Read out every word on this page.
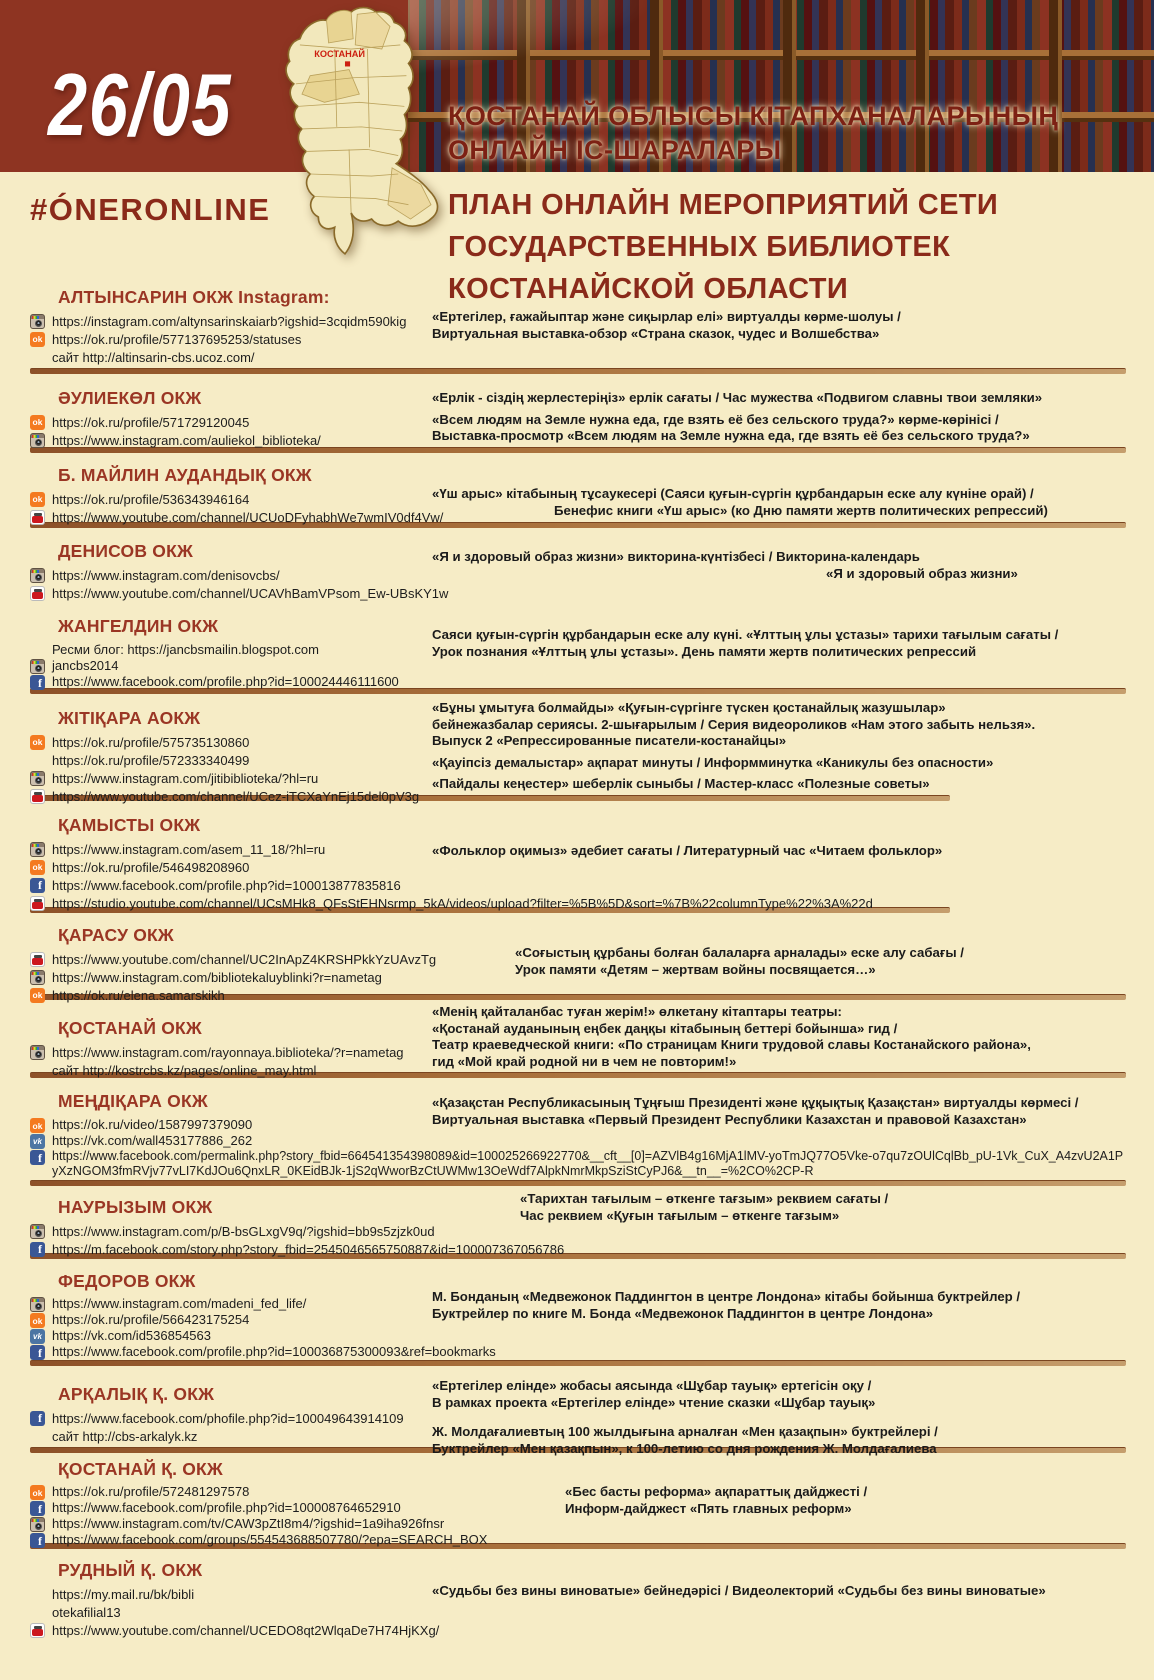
26/05	ҚОСТАНАЙ ОБЛЫСЫ КІТАПХАНАЛАРЫНЫҢ
ОНЛАЙН ІС-ШАРАЛАРЫ
#ÓNERONLINE	ПЛАН ОНЛАЙН МЕРОПРИЯТИЙ СЕТИ
ГОСУДАРСТВЕННЫХ БИБЛИОТЕК
КОСТАНАЙСКОЙ ОБЛАСТИ
КОСТАНАЙ
АЛТЫНСАРИН ОКЖ Instagram:
https://instagram.com/altynsarinskaiarb?igshid=3cqidm590kig
ok https://ok.ru/profile/577137695253/statuses
сайт http://altinsarin-cbs.ucoz.com/
«Ертегілер, ғажайыптар және сиқырлар елі» виртуалды көрме-шолуы /
Виртуальная выставка-обзор «Страна сказок, чудес и Волшебства»
ӘУЛИЕКӨЛ ОКЖ
ok https://ok.ru/profile/571729120045
https://www.instagram.com/auliekol_biblioteka/
«Ерлік - сіздің жерлестеріңіз» ерлік сағаты / Час мужества «Подвигом славны твои земляки»
«Всем людям на Земле нужна еда, где взять её без сельского труда?» көрме-көрінісі /
Выставка-просмотр «Всем людям на Земле нужна еда, где взять её без сельского труда?»
Б. МАЙЛИН АУДАНДЫҚ ОКЖ
ok https://ok.ru/profile/536343946164
https://www.youtube.com/channel/UCUoDFyhabhWe7wmIV0df4Vw/
«Үш арыс» кітабының тұсаукесері (Саяси қуғын-сүргін құрбандарын еске алу күніне орай) /
Бенефис книги «Үш арыс» (ко Дню памяти жертв политических репрессий)
ДЕНИСОВ ОКЖ
https://www.instagram.com/denisovcbs/
https://www.youtube.com/channel/UCAVhBamVPsom_Ew-UBsKY1w
«Я и здоровый образ жизни» викторина-күнтізбесі / Викторина-календарь
«Я и здоровый образ жизни»
ЖАНГЕЛДИН ОКЖ
Ресми блог: https://jancbsmailin.blogspot.com
jancbs2014
f https://www.facebook.com/profile.php?id=100024446111600
Саяси қуғын-сүргін құрбандарын еске алу күні. «Ұлттың ұлы ұстазы» тарихи тағылым сағаты /
Урок познания «Ұлттың ұлы ұстазы». День памяти жертв политических репрессий
ЖІТІҚАРА АОКЖ
ok https://ok.ru/profile/575735130860
https://ok.ru/profile/572333340499
https://www.instagram.com/jitibiblioteka/?hl=ru
https://www.youtube.com/channel/UCez-iTCXaYnEj15del0pV3g
«Бұны ұмытуға болмайды» «Қуғын-сүргінге түскен қостанайлық жазушылар»
бейнежазбалар сериясы. 2-шығарылым / Серия видеороликов «Нам этого забыть нельзя».
Выпуск 2 «Репрессированные писатели-костанайцы»
«Қауіпсіз демалыстар» ақпарат минуты / Информминутка «Каникулы без опасности»
«Пайдалы кеңестер» шеберлік сыныбы / Мастер-класс «Полезные советы»
ҚАМЫСТЫ ОКЖ
https://www.instagram.com/asem_11_18/?hl=ru
ok https://ok.ru/profile/546498208960
f https://www.facebook.com/profile.php?id=100013877835816
https://studio.youtube.com/channel/UCsMHk8_QFsStEHNsrmp_5kA/videos/upload?filter=%5B%5D&sort=%7B%22columnType%22%3A%22d
«Фольклор оқимыз» әдебиет сағаты / Литературный час «Читаем фольклор»
ҚАРАСУ ОКЖ
https://www.youtube.com/channel/UC2InApZ4KRSHPkkYzUAvzTg
https://www.instagram.com/bibliotekaluyblinki?r=nametag
ok https://ok.ru/elena.samarskikh
«Соғыстың құрбаны болған балаларға арналады» еске алу сабағы /
Урок памяти «Детям – жертвам войны посвящается…»
ҚОСТАНАЙ ОКЖ
https://www.instagram.com/rayonnaya.biblioteka/?r=nametag
сайт http://kostrcbs.kz/pages/online_may.html
«Менің қайталанбас туған жерім!» өлкетану кітаптары театры:
«Қостанай ауданының еңбек даңқы кітабының беттері бойынша» гид /
Театр краеведческой книги: «По страницам Книги трудовой славы Костанайского района»,
гид «Мой край родной ни в чем не повторим!»
МЕҢДІҚАРА ОКЖ
ok https://ok.ru/video/1587997379090
vk https://vk.com/wall453177886_262
f https://www.facebook.com/permalink.php?story_fbid=664541354398089&id=100025266922770&__cft__[0]=AZVlB4g16MjA1lMV-yoTmJQ77O5Vke-o7qu7zOUlCqlBb_pU-1Vk_CuX_A4zvU2A1PyXzNGOM3fmRVjv77vLI7KdJOu6QnxLR_0KEidBJk-1jS2qWworBzCtUWMw13OeWdf7AlpkNmrMkpSziStCyPJ6&__tn__=%2CO%2CP-R
«Қазақстан Республикасының Тұңғыш Президенті және құқықтық Қазақстан» виртуалды көрмесі /
Виртуальная выставка «Первый Президент Республики Казахстан и правовой Казахстан»
НАУРЫЗЫМ ОКЖ
https://www.instagram.com/p/B-bsGLxgV9q/?igshid=bb9s5zjzk0ud
f https://m.facebook.com/story.php?story_fbid=2545046565750887&id=100007367056786
«Тарихтан тағылым – өткенге тағзым» реквием сағаты /
Час реквием «Қуғын тағылым – өткенге тағзым»
ФЕДОРОВ ОКЖ
https://www.instagram.com/madeni_fed_life/
ok https://ok.ru/profile/566423175254
vk https://vk.com/id536854563
f https://www.facebook.com/profile.php?id=100036875300093&ref=bookmarks
М. Бонданың «Медвежонок Паддингтон в центре Лондона» кітабы бойынша буктрейлер /
Буктрейлер по книге М. Бонда «Медвежонок Паддингтон в центре Лондона»
АРҚАЛЫҚ Қ. ОКЖ
f https://www.facebook.com/phofile.php?id=100049643914109
сайт http://cbs-arkalyk.kz
«Ертегілер елінде» жобасы аясында «Шұбар тауық» ертегісін оқу /
В рамках проекта «Ертегілер елінде» чтение сказки «Шұбар тауық»
Ж. Молдағалиевтың 100 жылдығына арналған «Мен қазақпын» буктрейлері /
Буктрейлер «Мен қазақпын», к 100-летию со дня рождения Ж. Молдағалиева
ҚОСТАНАЙ Қ. ОКЖ
ok https://ok.ru/profile/572481297578
f https://www.facebook.com/profile.php?id=100008764652910
https://www.instagram.com/tv/CAW3pZtI8m4/?igshid=1a9iha926fnsr
f https://www.facebook.com/groups/554543688507780/?epa=SEARCH_BOX
«Бес басты реформа» ақпараттық дайджесті /
Информ-дайджест «Пять главных реформ»
РУДНЫЙ Қ. ОКЖ
https://my.mail.ru/bk/bibli
otekafilial13
https://www.youtube.com/channel/UCEDO8qt2WlqaDe7H74HjKXg/
«Судьбы без вины виноватые» бейнедәрісі / Видеолекторий «Судьбы без вины виноватые»
